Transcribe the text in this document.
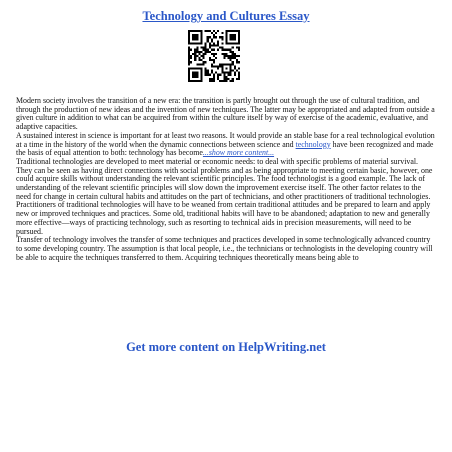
Technology and Cultures Essay

Modern society involves the transition of a new era: the transition is partly brought out through the use of cultural tradition, and through the production of new ideas and the invention of new techniques. The latter may be appropriated and adapted from outside a given culture in addition to what can be acquired from within the culture itself by way of exercise of the academic, evaluative, and adaptive capacities.

A sustained interest in science is important for at least two reasons. It would provide an stable base for a real technological evolution at a time in the history of the world when the dynamic connections between science and technology have been recognized and made the basis of equal attention to both: technology has become...show more content...

Traditional technologies are developed to meet material or economic needs: to deal with specific problems of material survival. They can be seen as having direct connections with social problems and as being appropriate to meeting certain basic, however, one could acquire skills without understanding the relevant scientific principles. The food technologist is a good example. The lack of understanding of the relevant scientific principles will slow down the improvement exercise itself. The other factor relates to the need for change in certain cultural habits and attitudes on the part of technicians, and other practitioners of traditional technologies. Practitioners of traditional technologies will have to be weaned from certain traditional attitudes and be prepared to learn and apply new or improved techniques and practices. Some old, traditional habits will have to be abandoned; adaptation to new and generally more effective—ways of practicing technology, such as resorting to technical aids in precision measurements, will need to be pursued.

Transfer of technology involves the transfer of some techniques and practices developed in some technologically advanced country to some developing country. The assumption is that local people, i.e., the technicians or technologists in the developing country will be able to acquire the techniques transferred to them. Acquiring techniques theoretically means being able to

Get more content on HelpWriting.net
